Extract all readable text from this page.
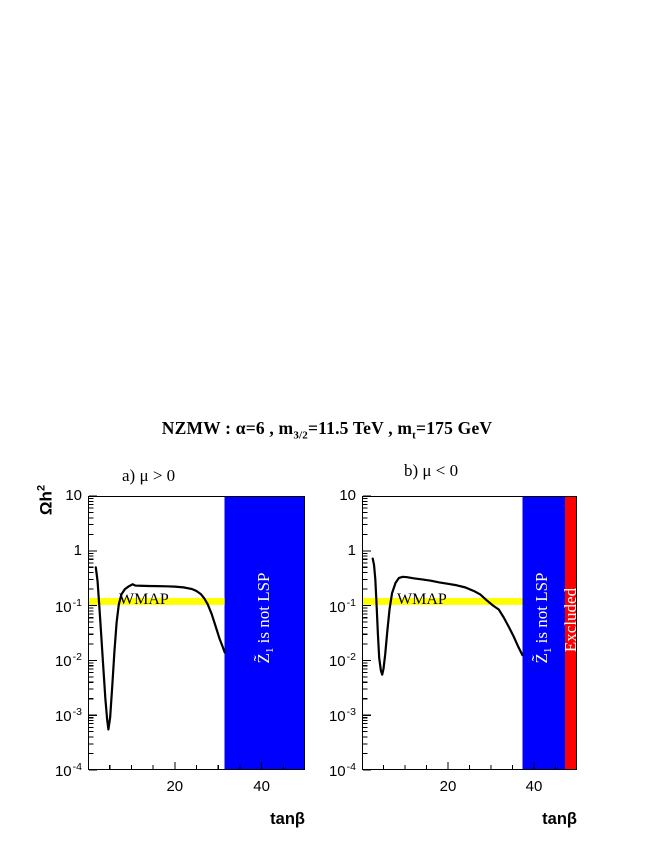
NZMW : α=6 , $m_{3/2}=11.5$ TeV , $m_t=175$ GeV
$\Omega h^2$
a) μ > 0	b) μ < 0
WMAP
$Z̃_1$ is not LSP	WMAP
$Z̃_1$ is not LSP Excluded
tanβ	tanβ
10
1
$10^{-1}$
$10^{-2}$
$10^{-3}$
$10^{-4}$
20	40
10
1
$10^{-1}$
$10^{-2}$
$10^{-3}$
$10^{-4}$
20	40
